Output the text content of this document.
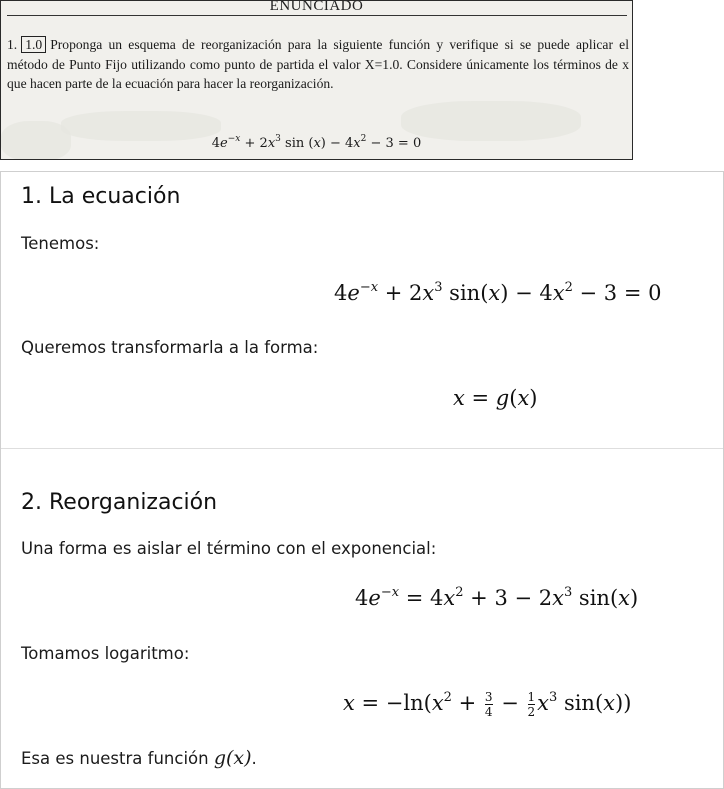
ENUNCIADO
1. 1.0 Proponga un esquema de reorganización para la siguiente función y verifique si se puede aplicar el método de Punto Fijo utilizando como punto de partida el valor X=1.0. Considere únicamente los términos de x que hacen parte de la ecuación para hacer la reorganización.
$4e^{-x} + 2x^3$ $\sin (x) - 4x^2 - 3 = 0$
1. La ecuación
Tenemos:
$4e^{-x} + 2x^3$ $\sin(x) - 4x^2 - 3 = 0$
Queremos transformarla a la forma:
x = g(x)
2. Reorganización
Una forma es aislar el término con el exponencial:
$4e^{-x} = 4x^2 + 3 - 2x^3$ sin(x)
Tomamos logaritmo:
$x = -\ln(x^2 + \frac{3}{4} - \frac{1}{2} x^3$ sin(x))
Esa es nuestra función g(x).
